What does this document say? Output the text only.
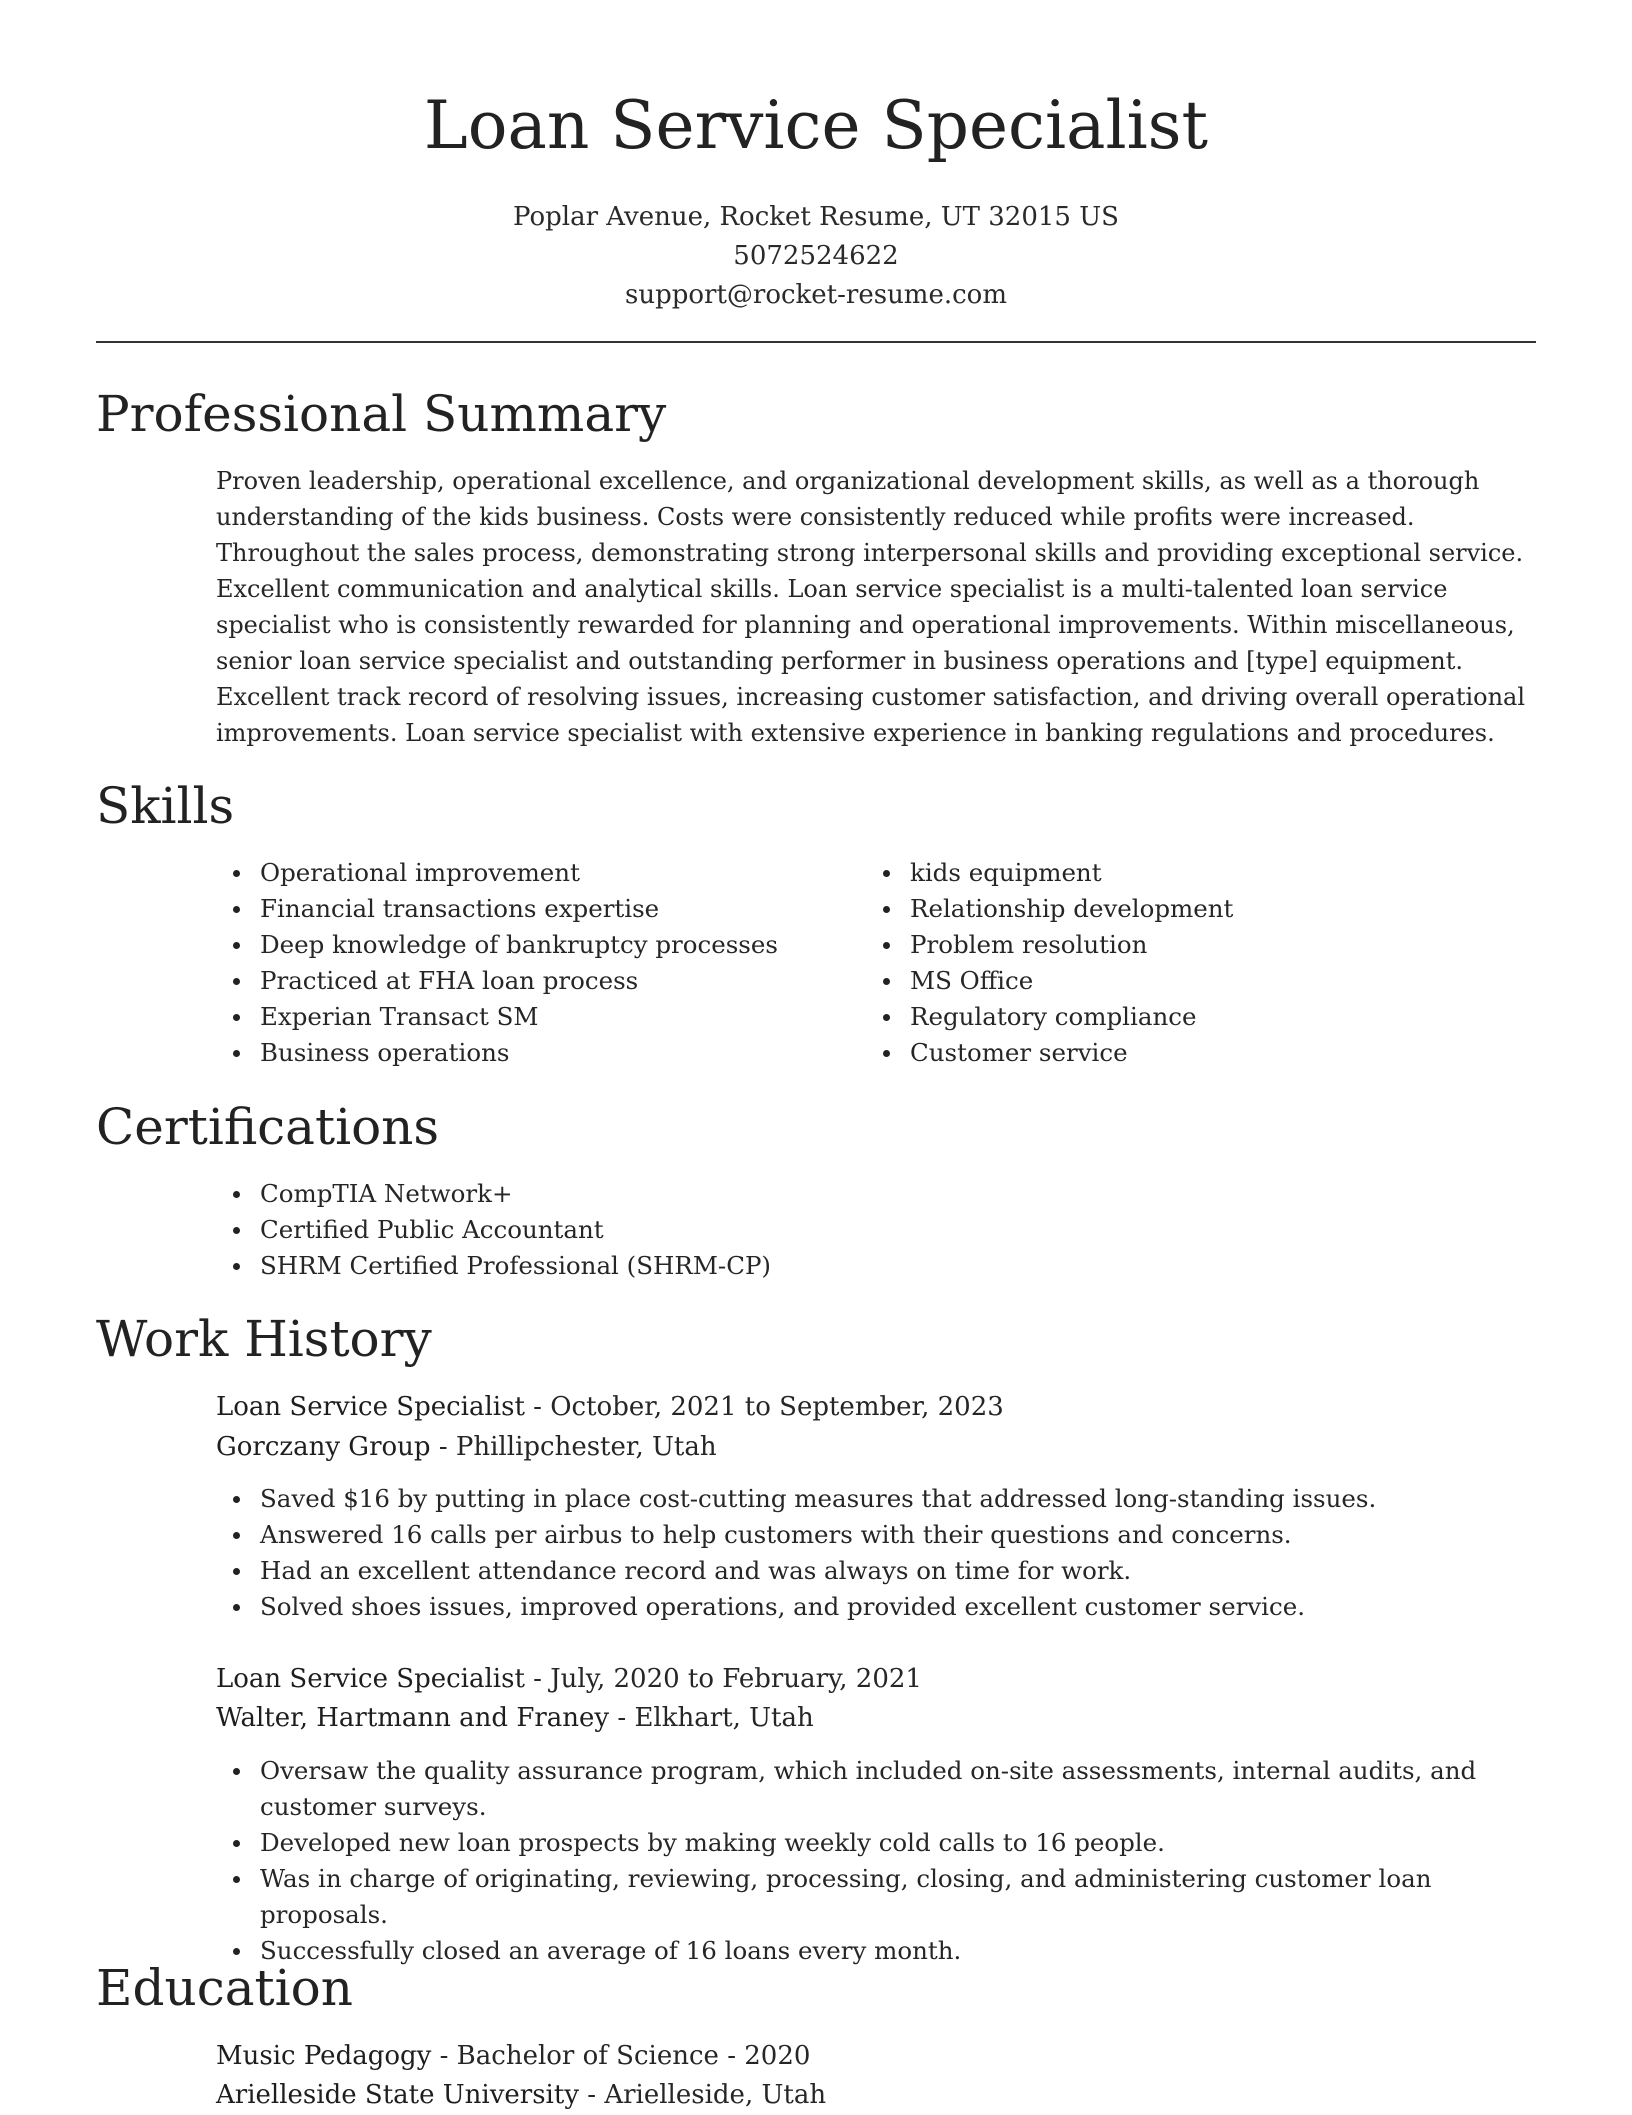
Loan Service Specialist
Poplar Avenue, Rocket Resume, UT 32015 US
5072524622
support@rocket-resume.com
Professional Summary
Proven leadership, operational excellence, and organizational development skills, as well as a thorough understanding of the kids business. Costs were consistently reduced while profits were increased. Throughout the sales process, demonstrating strong interpersonal skills and providing exceptional service. Excellent communication and analytical skills. Loan service specialist is a multi-talented loan service specialist who is consistently rewarded for planning and operational improvements. Within miscellaneous, senior loan service specialist and outstanding performer in business operations and [type] equipment. Excellent track record of resolving issues, increasing customer satisfaction, and driving overall operational improvements. Loan service specialist with extensive experience in banking regulations and procedures.
Skills
Operational improvement
Financial transactions expertise
Deep knowledge of bankruptcy processes
Practiced at FHA loan process
Experian Transact SM
Business operations
kids equipment
Relationship development
Problem resolution
MS Office
Regulatory compliance
Customer service
Certifications
CompTIA Network+
Certified Public Accountant
SHRM Certified Professional (SHRM-CP)
Work History
Loan Service Specialist - October, 2021 to September, 2023
Gorczany Group - Phillipchester, Utah
Saved $16 by putting in place cost-cutting measures that addressed long-standing issues.
Answered 16 calls per airbus to help customers with their questions and concerns.
Had an excellent attendance record and was always on time for work.
Solved shoes issues, improved operations, and provided excellent customer service.
Loan Service Specialist - July, 2020 to February, 2021
Walter, Hartmann and Franey - Elkhart, Utah
Oversaw the quality assurance program, which included on-site assessments, internal audits, and customer surveys.
Developed new loan prospects by making weekly cold calls to 16 people.
Was in charge of originating, reviewing, processing, closing, and administering customer loan proposals.
Successfully closed an average of 16 loans every month.
Education
Music Pedagogy - Bachelor of Science - 2020
Arielleside State University - Arielleside, Utah
